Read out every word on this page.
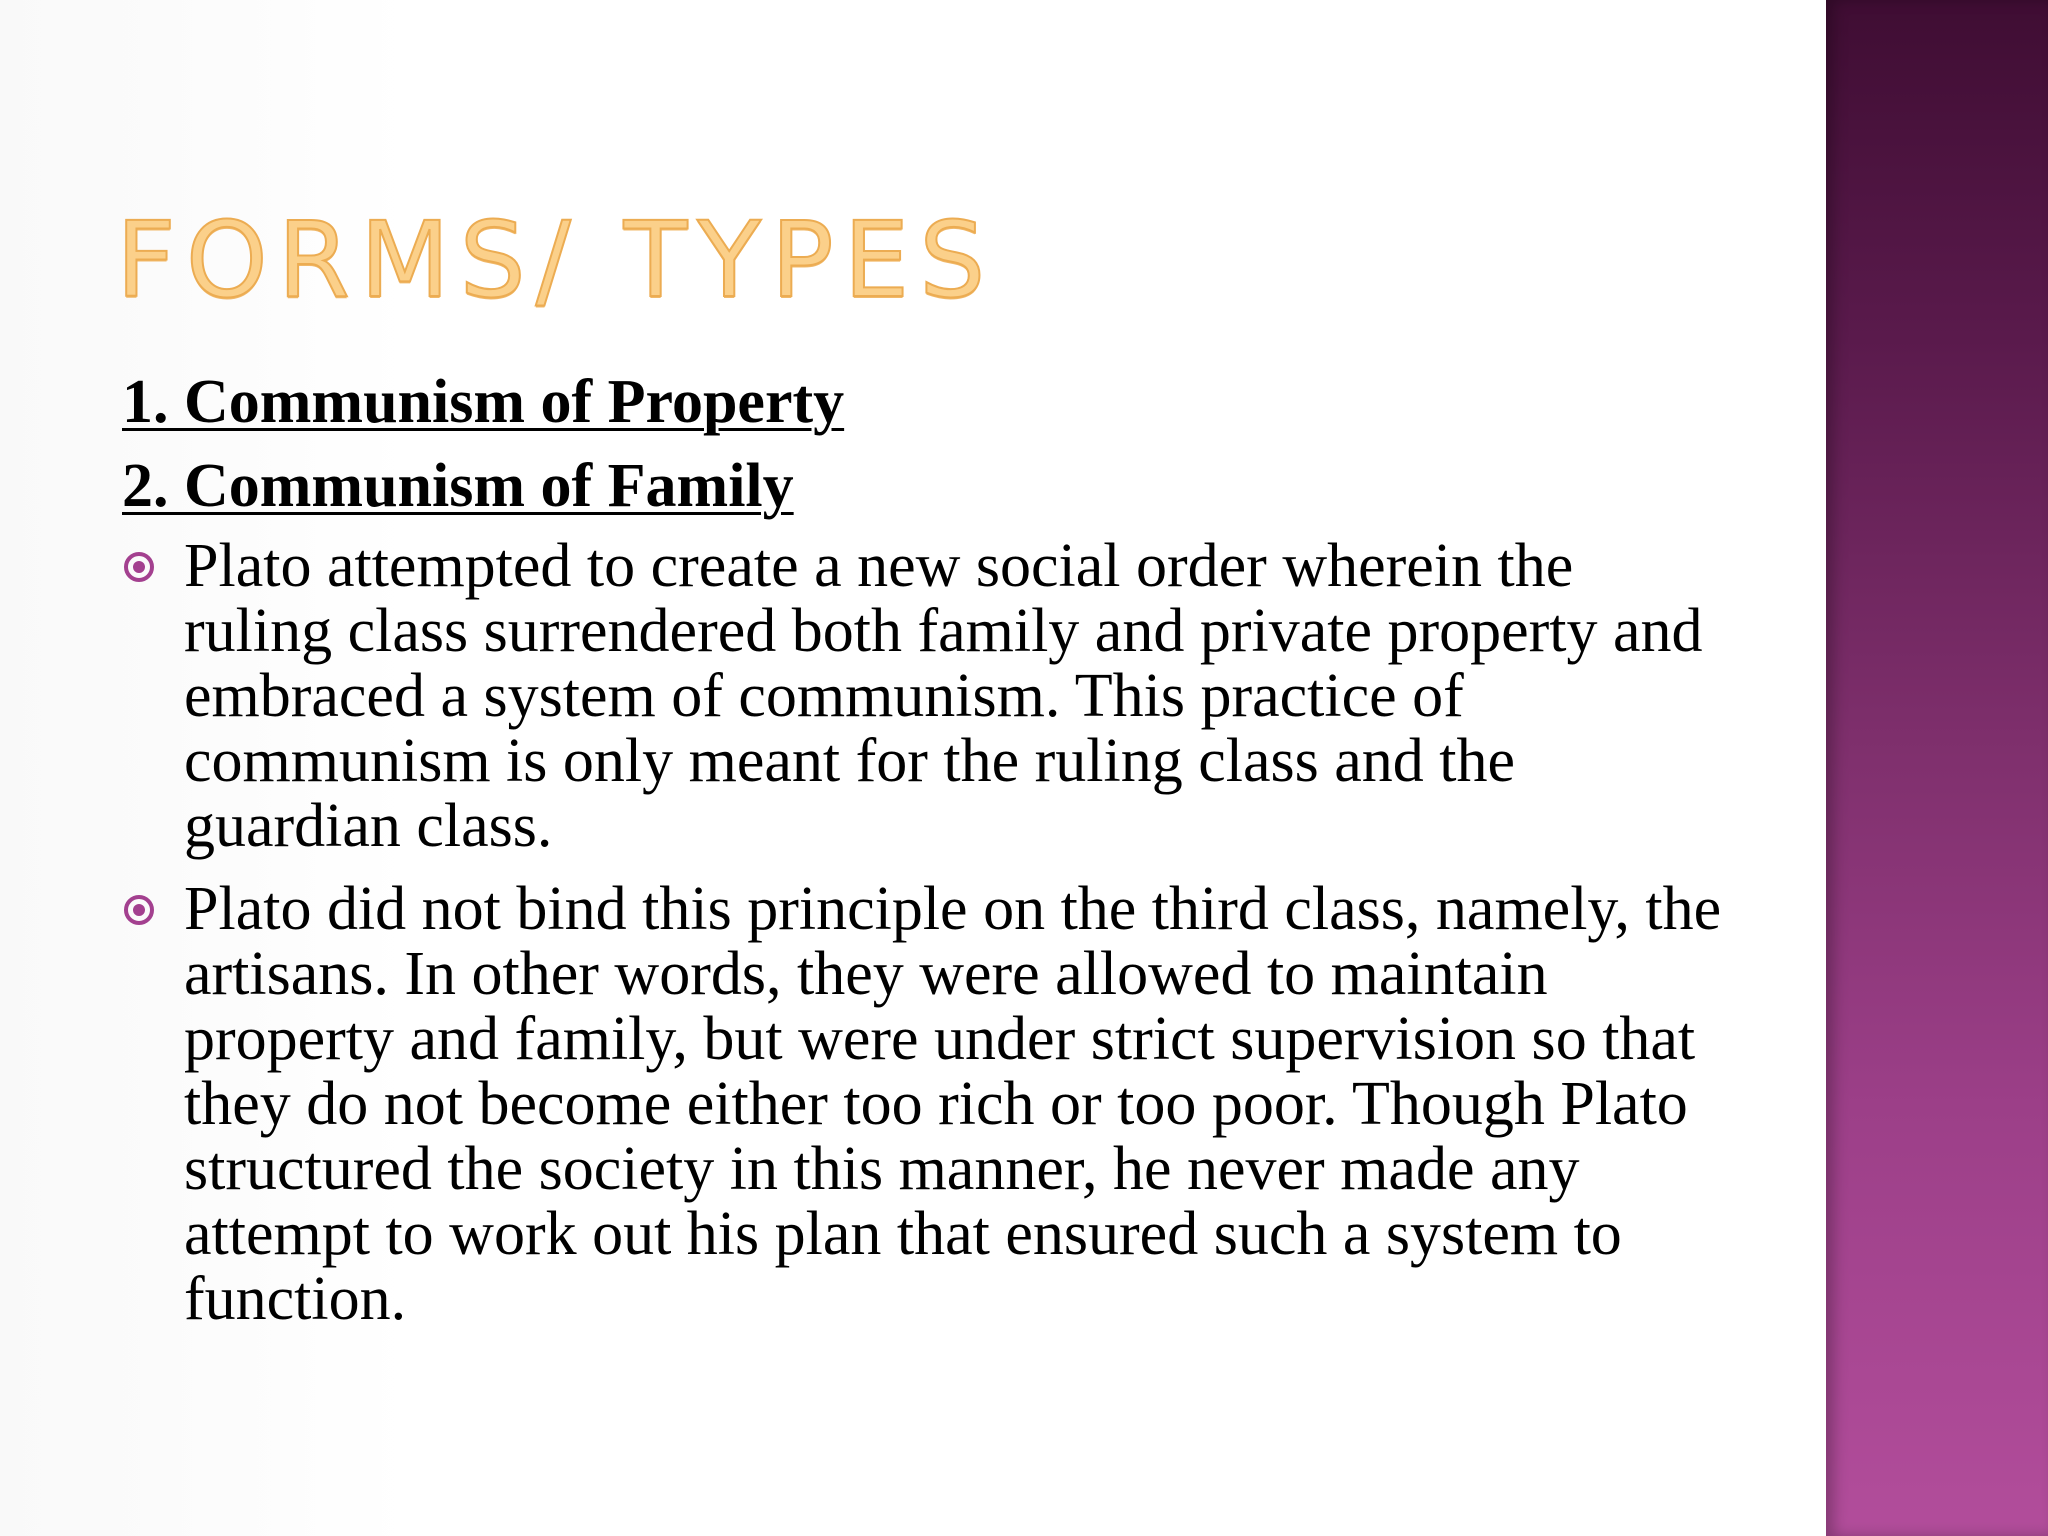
FORMS/ TYPES
1. Communism of Property
2. Communism of Family
Plato attempted to create a new social order wherein the ruling class surrendered both family and private property and embraced a system of communism. This practice of communism is only meant for the ruling class and the guardian class.
Plato did not bind this principle on the third class, namely, the artisans. In other words, they were allowed to maintain property and family, but were under strict supervision so that they do not become either too rich or too poor. Though Plato structured the society in this manner, he never made any attempt to work out his plan that ensured such a system to function.
